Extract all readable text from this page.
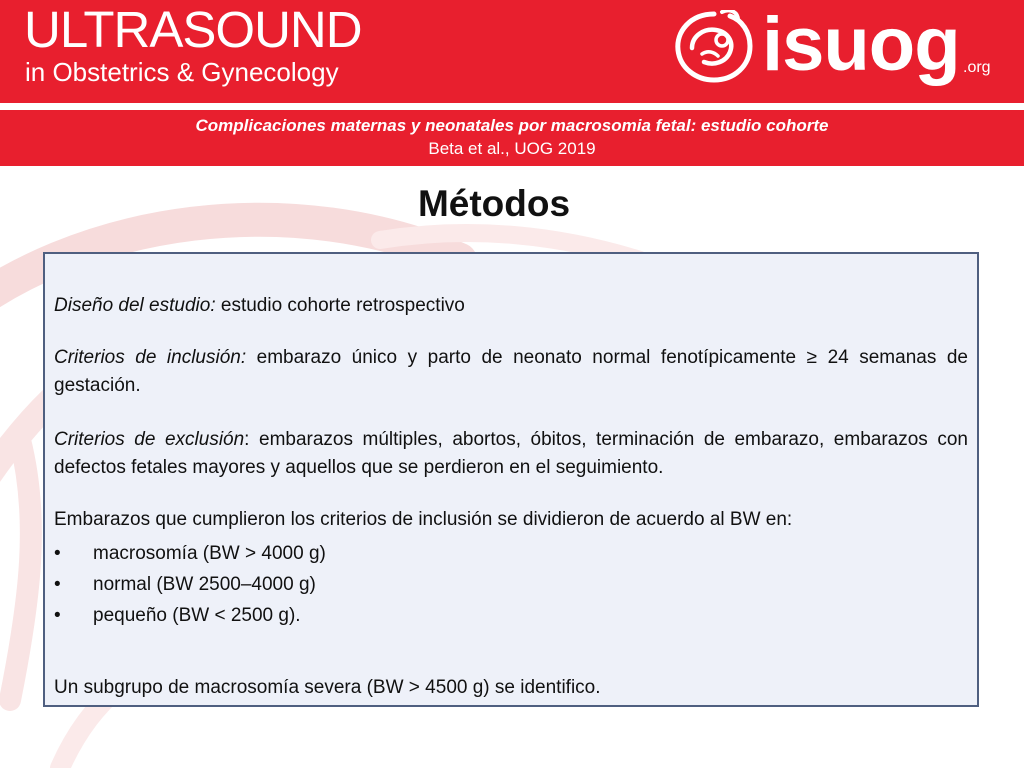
ULTRASOUND
in Obstetrics & Gynecology	isuog .org
Complicaciones maternas y neonatales por macrosomia fetal: estudio cohorte
Beta et al., UOG 2019
Métodos
Diseño del estudio: estudio cohorte retrospectivo
Criterios de inclusión: embarazo único y parto de neonato normal fenotípicamente ≥ 24 semanas de gestación.
Criterios de exclusión: embarazos múltiples, abortos, óbitos, terminación de embarazo, embarazos con defectos fetales mayores y aquellos que se perdieron en el seguimiento.
Embarazos que cumplieron los criterios de inclusión se dividieron de acuerdo al BW en:
• macrosomía (BW > 4000 g)
• normal (BW 2500–4000 g)
• pequeño (BW < 2500 g).
Un subgrupo de macrosomía severa (BW > 4500 g) se identifico.
